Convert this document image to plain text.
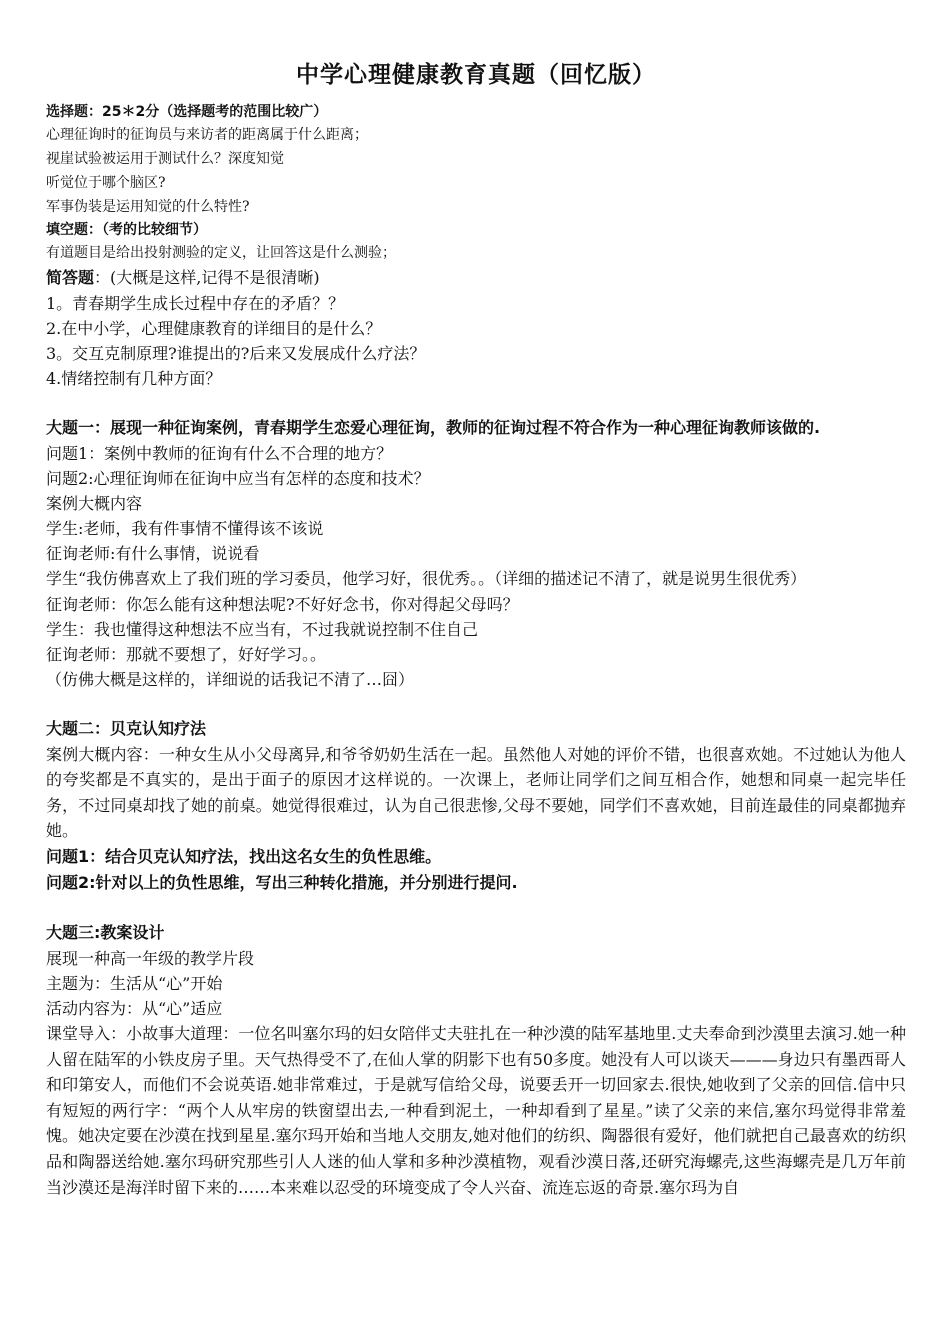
中学心理健康教育真题（回忆版）

选择题：25＊2分（选择题考的范围比较广）

心理征询时的征询员与来访者的距离属于什么距离；

视崖试验被运用于测试什么？深度知觉

听觉位于哪个脑区?

军事伪装是运用知觉的什么特性?

填空题：（考的比较细节）

有道题目是给出投射测验的定义，让回答这是什么测验；

简答题：(大概是这样,记得不是很清晰)

1。青春期学生成长过程中存在的矛盾？？

2.在中小学，心理健康教育的详细目的是什么？

3。交互克制原理?谁提出的?后来又发展成什么疗法？

4.情绪控制有几种方面？

大题一：展现一种征询案例，青春期学生恋爱心理征询，教师的征询过程不符合作为一种心理征询教师该做的.

问题1：案例中教师的征询有什么不合理的地方？

问题2:心理征询师在征询中应当有怎样的态度和技术？

案例大概内容

学生:老师，我有件事情不懂得该不该说

征询老师:有什么事情，说说看

学生“我仿佛喜欢上了我们班的学习委员，他学习好，很优秀。。（详细的描述记不清了，就是说男生很优秀）

征询老师：你怎么能有这种想法呢?不好好念书，你对得起父母吗？

学生：我也懂得这种想法不应当有，不过我就说控制不住自己

征询老师：那就不要想了，好好学习。。

（仿佛大概是这样的，详细说的话我记不清了…囧）

大题二：贝克认知疗法

案例大概内容：一种女生从小父母离异,和爷爷奶奶生活在一起。虽然他人对她的评价不错，也很喜欢她。不过她认为他人的夸奖都是不真实的，是出于面子的原因才这样说的。一次课上，老师让同学们之间互相合作，她想和同桌一起完毕任务，不过同桌却找了她的前桌。她觉得很难过，认为自己很悲惨,父母不要她，同学们不喜欢她，目前连最佳的同桌都抛弃她。

问题1：结合贝克认知疗法，找出这名女生的负性思维。

问题2:针对以上的负性思维，写出三种转化措施，并分别进行提问.

大题三:教案设计

展现一种高一年级的教学片段

主题为：生活从“心”开始

活动内容为：从“心”适应

课堂导入：小故事大道理：一位名叫塞尔玛的妇女陪伴丈夫驻扎在一种沙漠的陆军基地里.丈夫奉命到沙漠里去演习.她一种人留在陆军的小铁皮房子里。天气热得受不了,在仙人掌的阴影下也有50多度。她没有人可以谈天———身边只有墨西哥人和印第安人，而他们不会说英语.她非常难过，于是就写信给父母，说要丢开一切回家去.很快,她收到了父亲的回信.信中只有短短的两行字：“两个人从牢房的铁窗望出去,一种看到泥土，一种却看到了星星。”读了父亲的来信,塞尔玛觉得非常羞愧。她决定要在沙漠在找到星星.塞尔玛开始和当地人交朋友,她对他们的纺织、陶器很有爱好，他们就把自己最喜欢的纺织品和陶器送给她.塞尔玛研究那些引人人迷的仙人掌和多种沙漠植物，观看沙漠日落,还研究海螺壳,这些海螺壳是几万年前当沙漠还是海洋时留下来的……本来难以忍受的环境变成了令人兴奋、流连忘返的奇景.塞尔玛为自
